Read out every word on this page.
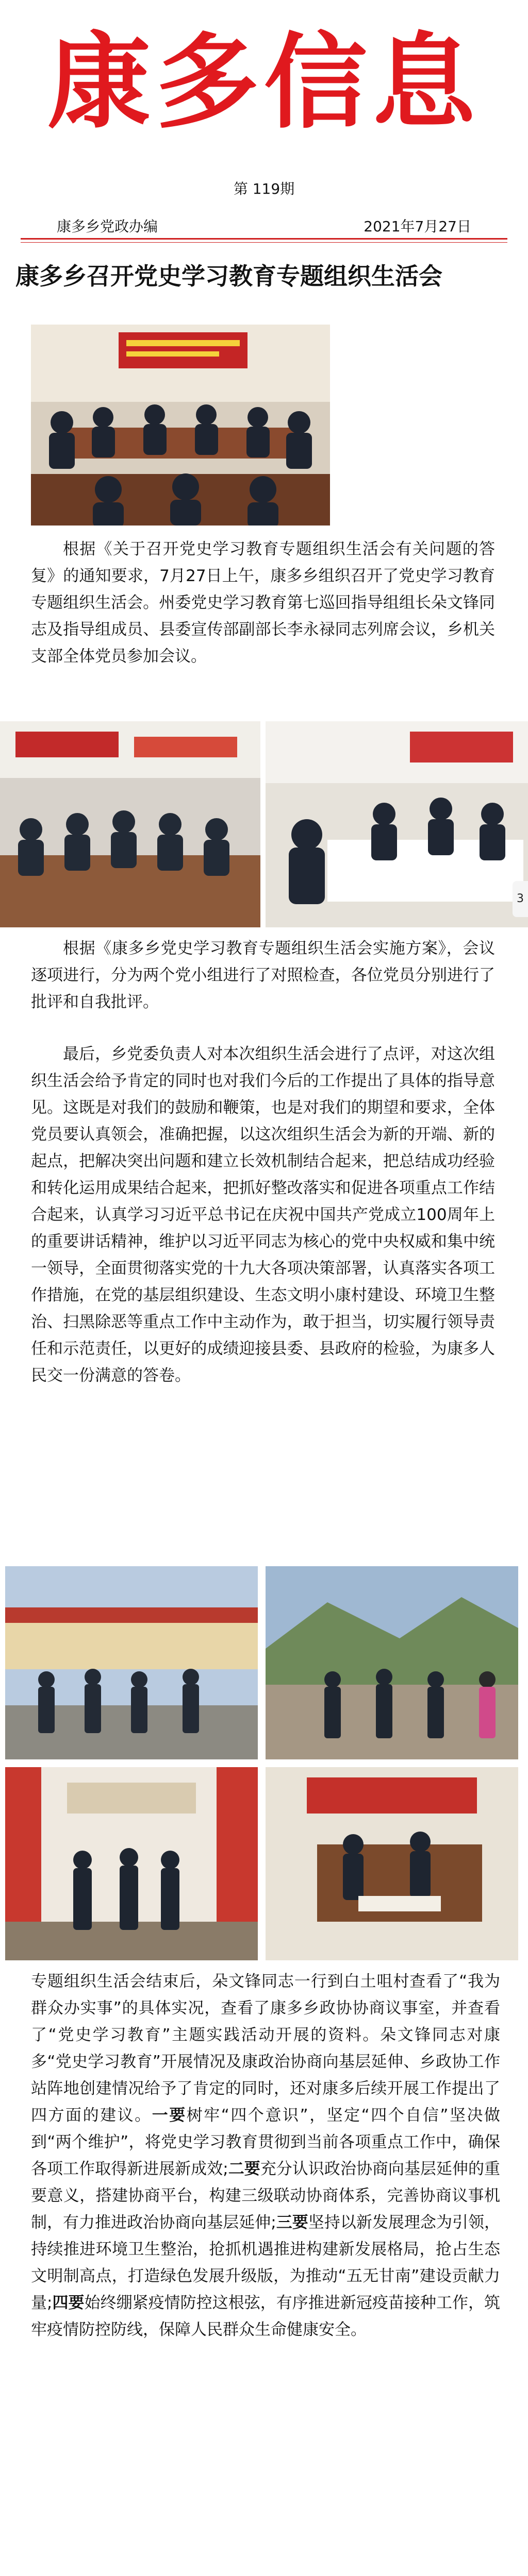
康多信息
第 119期
康多乡党政办编	2021年7月27日
康多乡召开党史学习教育专题组织生活会

根据《关于召开党史学习教育专题组织生活会有关问题的答复》的通知要求，7月27日上午，康多乡组织召开了党史学习教育专题组织生活会。州委党史学习教育第七巡回指导组组长朵文锋同志及指导组成员、县委宣传部副部长李永禄同志列席会议，乡机关支部全体党员参加会议。

根据《康多乡党史学习教育专题组织生活会实施方案》，会议逐项进行，分为两个党小组进行了对照检查，各位党员分别进行了批评和自我批评。

最后，乡党委负责人对本次组织生活会进行了点评，对这次组织生活会给予肯定的同时也对我们今后的工作提出了具体的指导意见。这既是对我们的鼓励和鞭策，也是对我们的期望和要求，全体党员要认真领会，准确把握，以这次组织生活会为新的开端、新的起点，把解决突出问题和建立长效机制结合起来，把总结成功经验和转化运用成果结合起来，把抓好整改落实和促进各项重点工作结合起来，认真学习习近平总书记在庆祝中国共产党成立100周年上的重要讲话精神，维护以习近平同志为核心的党中央权威和集中统一领导，全面贯彻落实党的十九大各项决策部署，认真落实各项工作措施，在党的基层组织建设、生态文明小康村建设、环境卫生整治、扫黑除恶等重点工作中主动作为，敢于担当，切实履行领导责任和示范责任，以更好的成绩迎接县委、县政府的检验，为康多人民交一份满意的答卷。

专题组织生活会结束后，朵文锋同志一行到白土咀村查看了“我为群众办实事”的具体实况，查看了康多乡政协协商议事室，并查看了“党史学习教育”主题实践活动开展的资料。朵文锋同志对康多“党史学习教育”开展情况及康政治协商向基层延伸、乡政协工作站阵地创建情况给予了肯定的同时，还对康多后续开展工作提出了四方面的建议。一要树牢“四个意识”，坚定“四个自信”坚决做到“两个维护”，将党史学习教育贯彻到当前各项重点工作中，确保各项工作取得新进展新成效;二要充分认识政治协商向基层延伸的重要意义，搭建协商平台，构建三级联动协商体系，完善协商议事机制，有力推进政治协商向基层延伸;三要坚持以新发展理念为引领，持续推进环境卫生整治，抢抓机遇推进构建新发展格局，抢占生态文明制高点，打造绿色发展升级版，为推动“五无甘南”建设贡献力量;四要始终绷紧疫情防控这根弦，有序推进新冠疫苗接种工作，筑牢疫情防控防线，保障人民群众生命健康安全。

3
